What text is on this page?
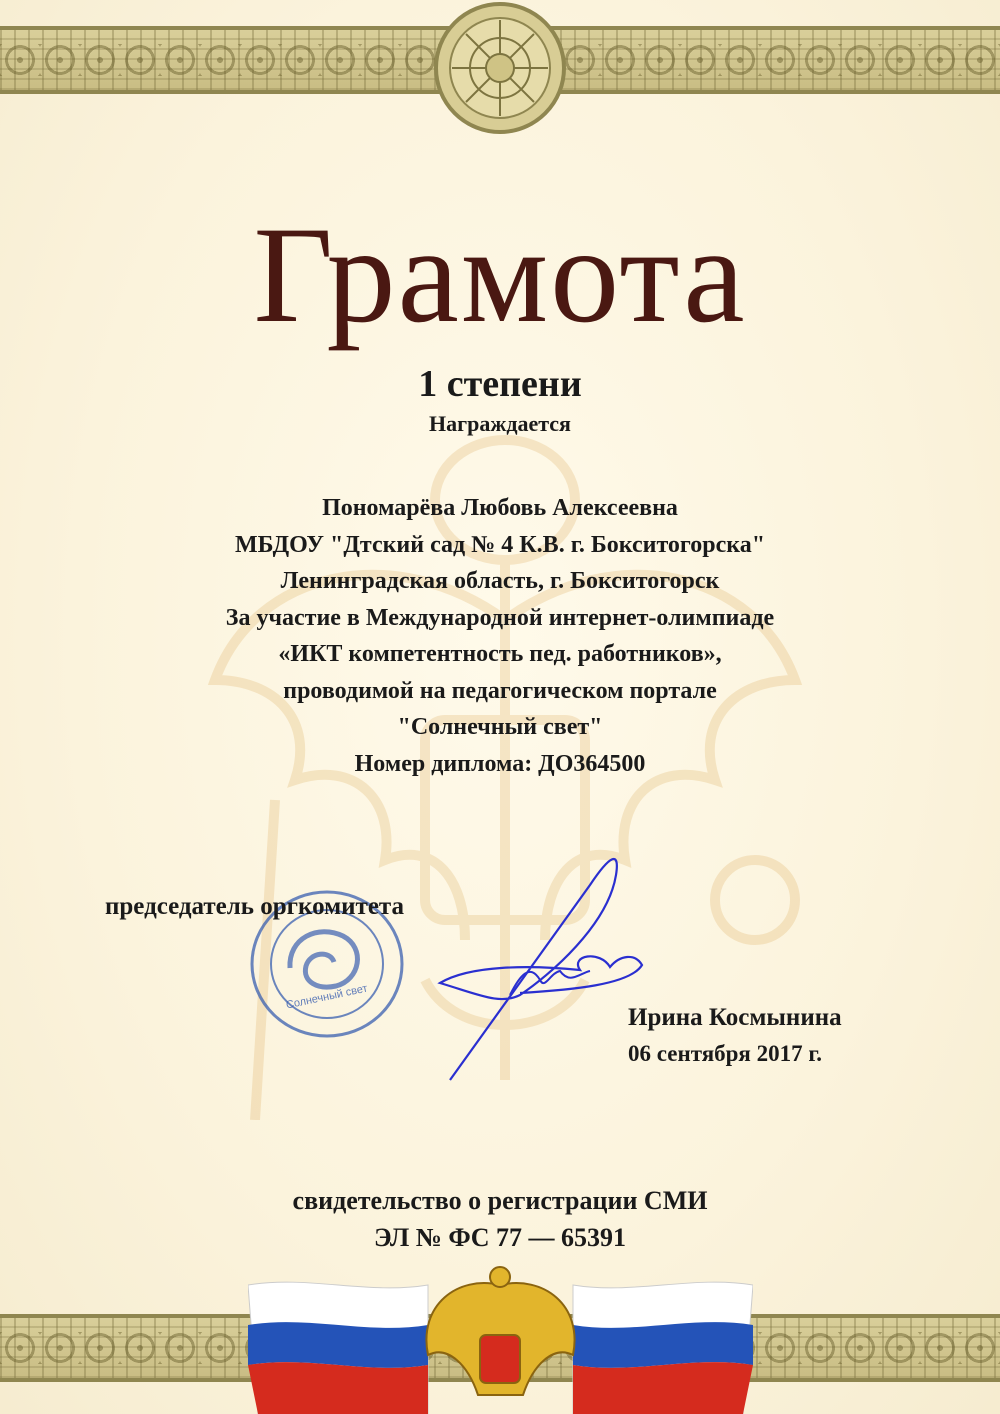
Грамота
1 степени
Награждается
Пономарёва Любовь Алексеевна
МБДОУ "Дтский сад № 4 К.В. г. Бокситогорска"
Ленинградская область, г. Бокситогорск
За участие в Международной интернет-олимпиаде
«ИКТ компетентность пед. работников»,
проводимой на педагогическом портале
"Солнечный свет"
Номер диплома: ДО364500
Солнечный свет
председатель оргкомитета
Ирина Космынина
06 сентября 2017 г.
свидетельство о регистрации СМИ
ЭЛ № ФС 77 — 65391
